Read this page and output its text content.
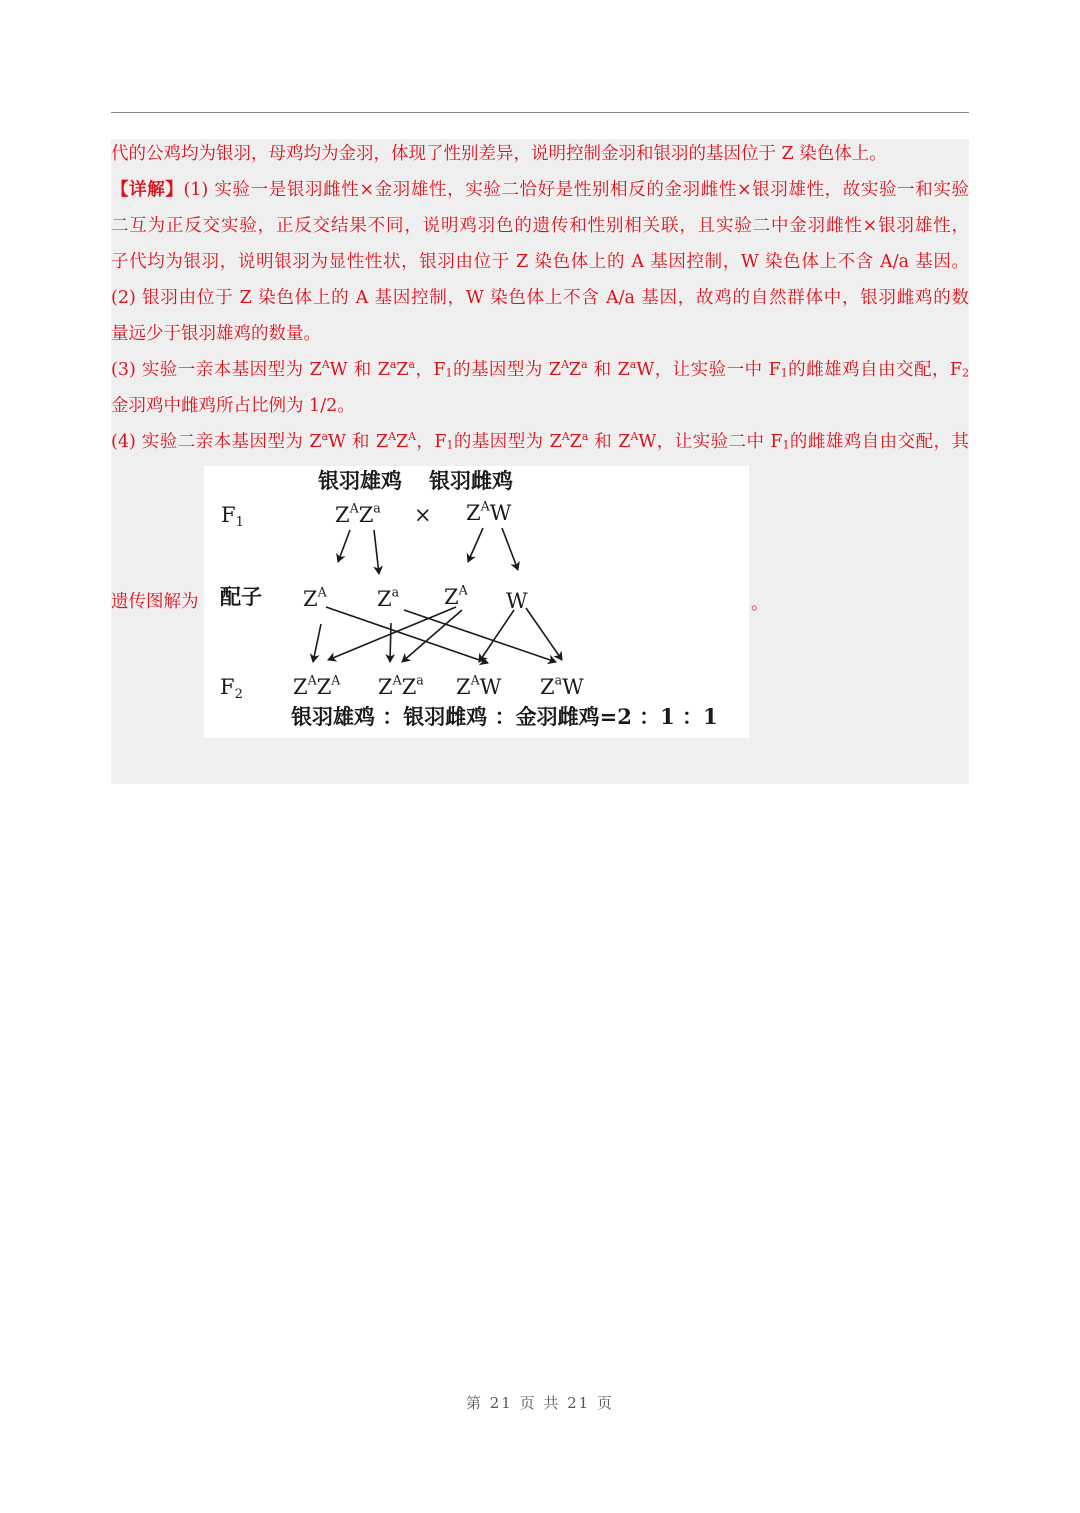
代的公鸡均为银羽，母鸡均为金羽，体现了性别差异，说明控制金羽和银羽的基因位于 Z 染色体上。

【详解】(1) 实验一是银羽雌性×金羽雄性，实验二恰好是性别相反的金羽雌性×银羽雄性，故实验一和实验

二互为正反交实验，正反交结果不同，说明鸡羽色的遗传和性别相关联，且实验二中金羽雌性×银羽雄性，

子代均为银羽，说明银羽为显性性状，银羽由位于 Z 染色体上的 A 基因控制，W 染色体上不含 A/a 基因。

(2) 银羽由位于 Z 染色体上的 A 基因控制，W 染色体上不含 A/a 基因，故鸡的自然群体中，银羽雌鸡的数

量远少于银羽雄鸡的数量。

(3) 实验一亲本基因型为 $Z^AW$ 和 $Z^aZ^a$，$F_1$的基因型为 $Z^AZ^a$ 和 $Z^aW$，让实验一中 $F_1$的雌雄鸡自由交配，$F_2$

金羽鸡中雌鸡所占比例为 1/2。

(4) 实验二亲本基因型为 $Z^aW$ 和 $Z^AZ^A$，$F_1$的基因型为 $Z^AZ^a$ 和 $Z^AW$，让实验二中 $F_1$的雌雄鸡自由交配，其

遗传图解为	。

银羽雄鸡 银羽雌鸡
$F_1$
配子
$F_2$
$Z^AZ^a \times Z^AW$
$Z^A$ $Z^a$ $Z^A$ W
$Z^AZ^A$ $Z^AZ^a$ $Z^AW$ $Z^aW$
银羽雄鸡 ：银羽雌鸡 ：金羽雌鸡=2 ：1 ：1
第 21 页 共 21 页
